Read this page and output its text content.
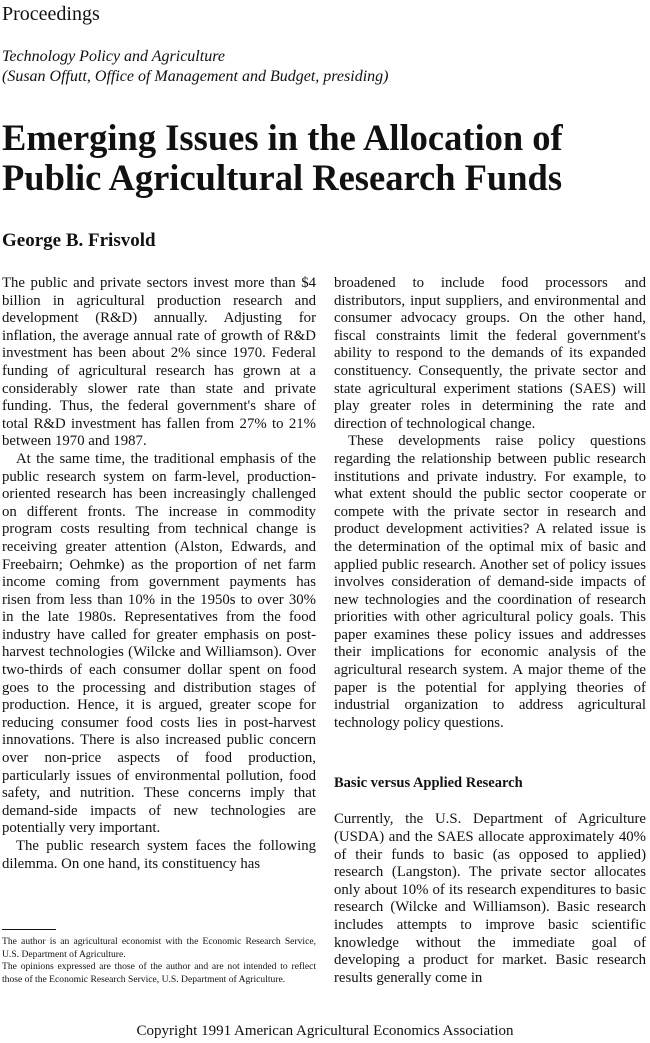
Proceedings
Technology Policy and Agriculture
(Susan Offutt, Office of Management and Budget, presiding)
Emerging Issues in the Allocation of
Public Agricultural Research Funds
George B. Frisvold

The public and private sectors invest more than $4 billion in agricultural production research and development (R&D) annually. Adjusting for inflation, the average annual rate of growth of R&D investment has been about 2% since 1970. Federal funding of agricultural research has grown at a considerably slower rate than state and private funding. Thus, the federal government's share of total R&D investment has fallen from 27% to 21% between 1970 and 1987.

At the same time, the traditional emphasis of the public research system on farm-level, production-oriented research has been increasingly challenged on different fronts. The increase in commodity program costs resulting from technical change is receiving greater attention (Alston, Edwards, and Freebairn; Oehmke) as the proportion of net farm income coming from government payments has risen from less than 10% in the 1950s to over 30% in the late 1980s. Representatives from the food industry have called for greater emphasis on post-harvest technologies (Wilcke and Williamson). Over two-thirds of each consumer dollar spent on food goes to the processing and distribution stages of production. Hence, it is argued, greater scope for reducing consumer food costs lies in post-harvest innovations. There is also increased public concern over non-price aspects of food production, particularly issues of environmental pollution, food safety, and nutrition. These concerns imply that demand-side impacts of new technologies are potentially very important.

The public research system faces the following dilemma. On one hand, its constituency has

broadened to include food processors and distributors, input suppliers, and environmental and consumer advocacy groups. On the other hand, fiscal constraints limit the federal government's ability to respond to the demands of its expanded constituency. Consequently, the private sector and state agricultural experiment stations (SAES) will play greater roles in determining the rate and direction of technological change.

These developments raise policy questions regarding the relationship between public research institutions and private industry. For example, to what extent should the public sector cooperate or compete with the private sector in research and product development activities? A related issue is the determination of the optimal mix of basic and applied public research. Another set of policy issues involves consideration of demand-side impacts of new technologies and the coordination of research priorities with other agricultural policy goals. This paper examines these policy issues and addresses their implications for economic analysis of the agricultural research system. A major theme of the paper is the potential for applying theories of industrial organization to address agricultural technology policy questions.

Basic versus Applied Research

Currently, the U.S. Department of Agriculture (USDA) and the SAES allocate approximately 40% of their funds to basic (as opposed to applied) research (Langston). The private sector allocates only about 10% of its research expenditures to basic research (Wilcke and Williamson). Basic research includes attempts to improve basic scientific knowledge without the immediate goal of developing a product for market. Basic research results generally come in

The author is an agricultural economist with the Economic Research Service, U.S. Department of Agriculture.

The opinions expressed are those of the author and are not intended to reflect those of the Economic Research Service, U.S. Department of Agriculture.

Copyright 1991 American Agricultural Economics Association
